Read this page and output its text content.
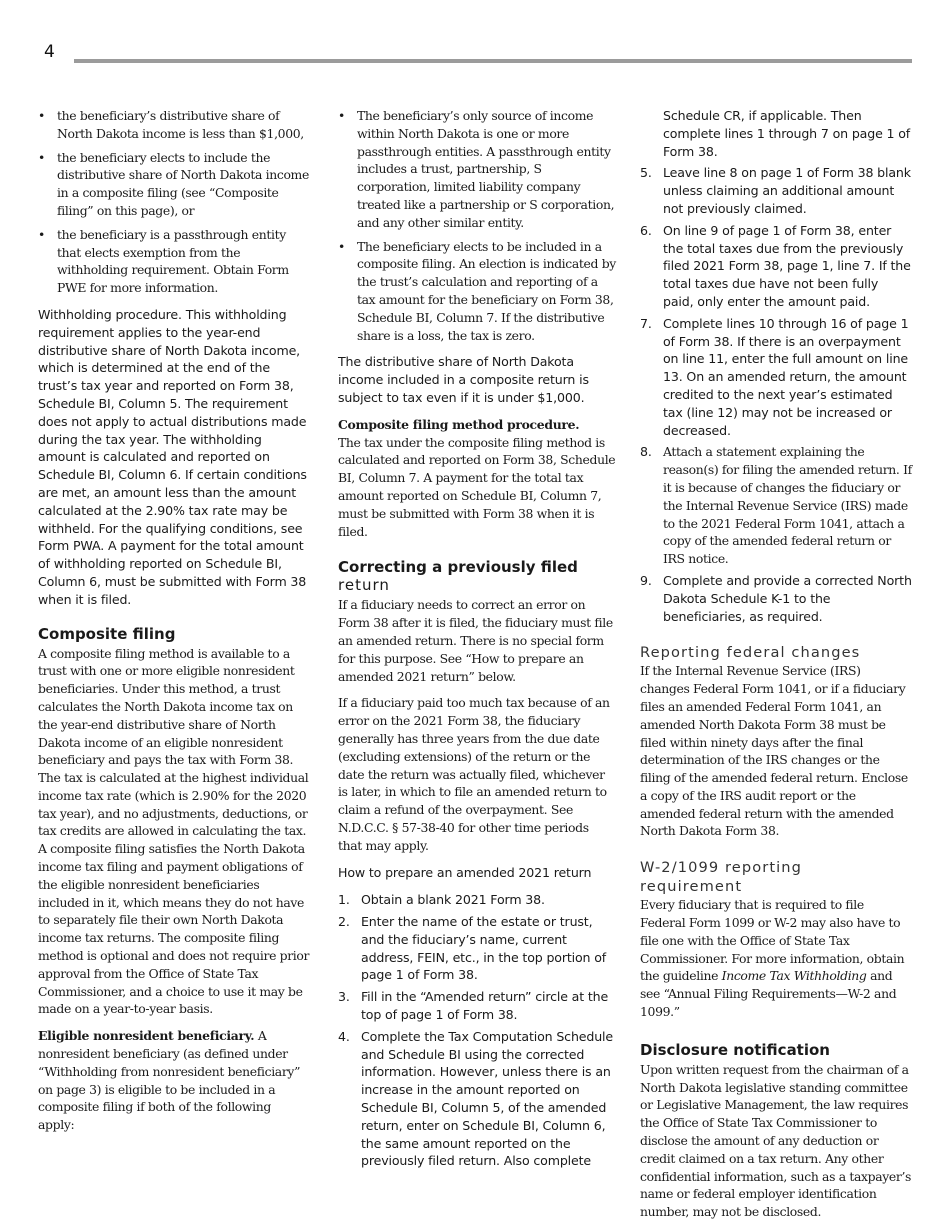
4
• the beneficiary’s distributive share of North Dakota income is less than $1,000,
• the beneficiary elects to include the distributive share of North Dakota income in a composite filing (see “Composite filing” on this page), or
• the beneficiary is a passthrough entity that elects exemption from the withholding requirement. Obtain Form PWE for more information.

Withholding procedure. This withholding requirement applies to the year-end distributive share of North Dakota income, which is determined at the end of the trust’s tax year and reported on Form 38, Schedule BI, Column 5. The requirement does not apply to actual distributions made during the tax year. The withholding amount is calculated and reported on Schedule BI, Column 6. If certain conditions are met, an amount less than the amount calculated at the 2.90% tax rate may be withheld. For the qualifying conditions, see Form PWA. A payment for the total amount of withholding reported on Schedule BI, Column 6, must be submitted with Form 38 when it is filed.

Composite filing

A composite filing method is available to a trust with one or more eligible nonresident beneficiaries. Under this method, a trust calculates the North Dakota income tax on the year-end distributive share of North Dakota income of an eligible nonresident beneficiary and pays the tax with Form 38. The tax is calculated at the highest individual income tax rate (which is 2.90% for the 2020 tax year), and no adjustments, deductions, or tax credits are allowed in calculating the tax. A composite filing satisfies the North Dakota income tax filing and payment obligations of the eligible nonresident beneficiaries included in it, which means they do not have to separately file their own North Dakota income tax returns. The composite filing method is optional and does not require prior approval from the Office of State Tax Commissioner, and a choice to use it may be made on a year-to-year basis.

Eligible nonresident beneficiary. A nonresident beneficiary (as defined under “Withholding from nonresident beneficiary” on page 3) is eligible to be included in a composite filing if both of the following apply:

• The beneficiary’s only source of income within North Dakota is one or more passthrough entities. A passthrough entity includes a trust, partnership, S corporation, limited liability company treated like a partnership or S corporation, and any other similar entity.
• The beneficiary elects to be included in a composite filing. An election is indicated by the trust’s calculation and reporting of a tax amount for the beneficiary on Form 38, Schedule BI, Column 7. If the distributive share is a loss, the tax is zero.

The distributive share of North Dakota income included in a composite return is subject to tax even if it is under $1,000.

Composite filing method procedure.
The tax under the composite filing method is calculated and reported on Form 38, Schedule BI, Column 7. A payment for the total tax amount reported on Schedule BI, Column 7, must be submitted with Form 38 when it is filed.

Correcting a previously filed
return

If a fiduciary needs to correct an error on Form 38 after it is filed, the fiduciary must file an amended return. There is no special form for this purpose. See “How to prepare an amended 2021 return” below.

If a fiduciary paid too much tax because of an error on the 2021 Form 38, the fiduciary generally has three years from the due date (excluding extensions) of the return or the date the return was actually filed, whichever is later, in which to file an amended return to claim a refund of the overpayment. See N.D.C.C. § 57-38-40 for other time periods that may apply.

How to prepare an amended 2021 return

1. Obtain a blank 2021 Form 38.
2. Enter the name of the estate or trust, and the fiduciary’s name, current address, FEIN, etc., in the top portion of page 1 of Form 38.
3. Fill in the “Amended return” circle at the top of page 1 of Form 38.
4. Complete the Tax Computation Schedule and Schedule BI using the corrected information. However, unless there is an increase in the amount reported on Schedule BI, Column 5, of the amended return, enter on Schedule BI, Column 6, the same amount reported on the previously filed return. Also complete

Schedule CR, if applicable. Then complete lines 1 through 7 on page 1 of Form 38.

5. Leave line 8 on page 1 of Form 38 blank unless claiming an additional amount not previously claimed.
6. On line 9 of page 1 of Form 38, enter the total taxes due from the previously filed 2021 Form 38, page 1, line 7. If the total taxes due have not been fully paid, only enter the amount paid.
7. Complete lines 10 through 16 of page 1 of Form 38. If there is an overpayment on line 11, enter the full amount on line 13. On an amended return, the amount credited to the next year’s estimated tax (line 12) may not be increased or decreased.
8. Attach a statement explaining the reason(s) for filing the amended return. If it is because of changes the fiduciary or the Internal Revenue Service (IRS) made to the 2021 Federal Form 1041, attach a copy of the amended federal return or IRS notice.
9. Complete and provide a corrected North Dakota Schedule K-1 to the beneficiaries, as required.
Reporting federal changes

If the Internal Revenue Service (IRS) changes Federal Form 1041, or if a fiduciary files an amended Federal Form 1041, an amended North Dakota Form 38 must be filed within ninety days after the final determination of the IRS changes or the filing of the amended federal return. Enclose a copy of the IRS audit report or the amended federal return with the amended North Dakota Form 38.

W-2/1099 reporting
requirement

Every fiduciary that is required to file Federal Form 1099 or W-2 may also have to file one with the Office of State Tax Commissioner. For more information, obtain the guideline Income Tax Withholding and see “Annual Filing Requirements—W-2 and 1099.”

Disclosure notification

Upon written request from the chairman of a North Dakota legislative standing committee or Legislative Management, the law requires the Office of State Tax Commissioner to disclose the amount of any deduction or credit claimed on a tax return. Any other confidential information, such as a taxpayer’s name or federal employer identification number, may not be disclosed.
